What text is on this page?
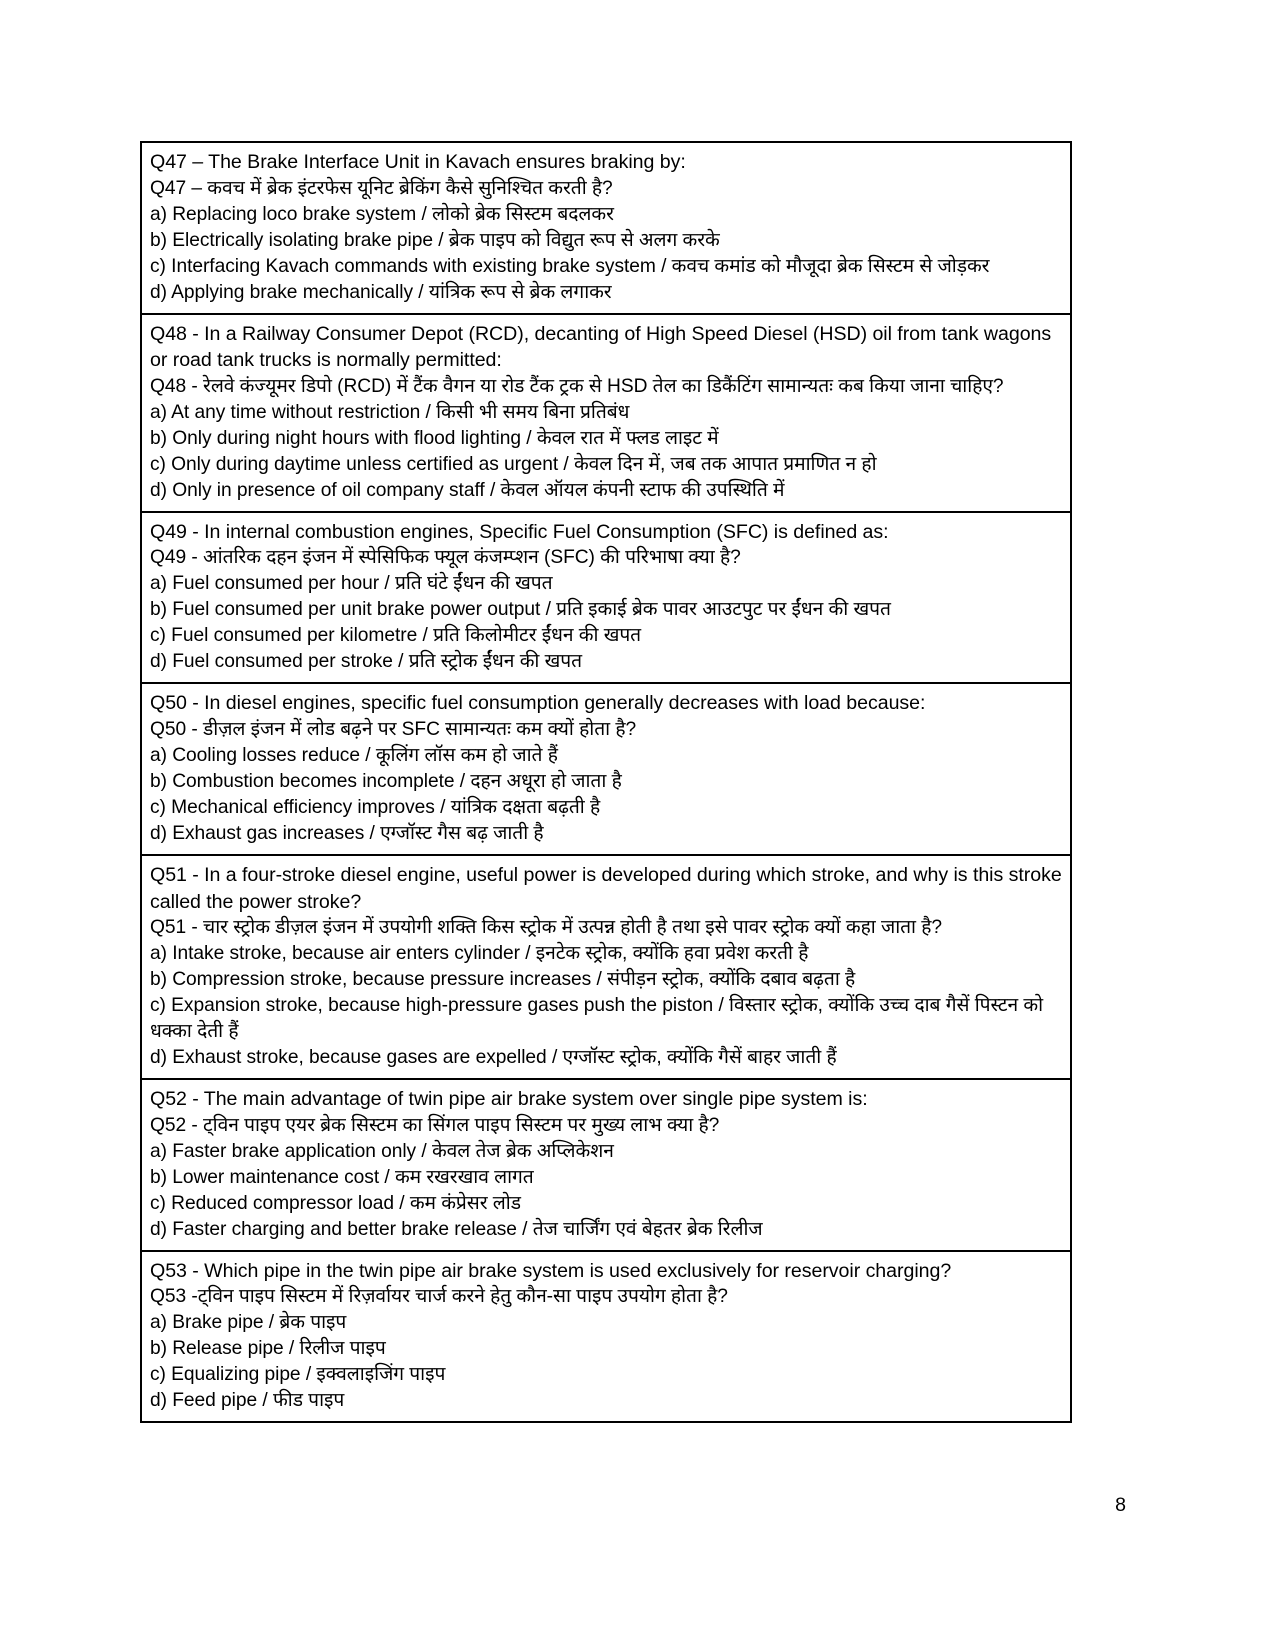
Q47 – The Brake Interface Unit in Kavach ensures braking by:
Q47 – कवच में ब्रेक इंटरफेस यूनिट ब्रेकिंग कैसे सुनिश्चित करती है?
a) Replacing loco brake system / लोको ब्रेक सिस्टम बदलकर
b) Electrically isolating brake pipe / ब्रेक पाइप को विद्युत रूप से अलग करके
c) Interfacing Kavach commands with existing brake system / कवच कमांड को मौजूदा ब्रेक सिस्टम से जोड़कर
d) Applying brake mechanically / यांत्रिक रूप से ब्रेक लगाकर
Q48 - In a Railway Consumer Depot (RCD), decanting of High Speed Diesel (HSD) oil from tank wagons or road tank trucks is normally permitted:
Q48 - रेलवे कंज्यूमर डिपो (RCD) में टैंक वैगन या रोड टैंक ट्रक से HSD तेल का डिकैंटिंग सामान्यतः कब किया जाना चाहिए?
a) At any time without restriction / किसी भी समय बिना प्रतिबंध
b) Only during night hours with flood lighting / केवल रात में फ्लड लाइट में
c) Only during daytime unless certified as urgent / केवल दिन में, जब तक आपात प्रमाणित न हो
d) Only in presence of oil company staff / केवल ऑयल कंपनी स्टाफ की उपस्थिति में
Q49 - In internal combustion engines, Specific Fuel Consumption (SFC) is defined as:
Q49 - आंतरिक दहन इंजन में स्पेसिफिक फ्यूल कंजम्प्शन (SFC) की परिभाषा क्या है?
a) Fuel consumed per hour / प्रति घंटे ईंधन की खपत
b) Fuel consumed per unit brake power output / प्रति इकाई ब्रेक पावर आउटपुट पर ईंधन की खपत
c) Fuel consumed per kilometre / प्रति किलोमीटर ईंधन की खपत
d) Fuel consumed per stroke / प्रति स्ट्रोक ईंधन की खपत
Q50 - In diesel engines, specific fuel consumption generally decreases with load because:
Q50 - डीज़ल इंजन में लोड बढ़ने पर SFC सामान्यतः कम क्यों होता है?
a) Cooling losses reduce / कूलिंग लॉस कम हो जाते हैं
b) Combustion becomes incomplete / दहन अधूरा हो जाता है
c) Mechanical efficiency improves / यांत्रिक दक्षता बढ़ती है
d) Exhaust gas increases / एग्जॉस्ट गैस बढ़ जाती है
Q51 - In a four-stroke diesel engine, useful power is developed during which stroke, and why is this stroke called the power stroke?
Q51 - चार स्ट्रोक डीज़ल इंजन में उपयोगी शक्ति किस स्ट्रोक में उत्पन्न होती है तथा इसे पावर स्ट्रोक क्यों कहा जाता है?
a) Intake stroke, because air enters cylinder / इनटेक स्ट्रोक, क्योंकि हवा प्रवेश करती है
b) Compression stroke, because pressure increases / संपीड़न स्ट्रोक, क्योंकि दबाव बढ़ता है
c) Expansion stroke, because high-pressure gases push the piston / विस्तार स्ट्रोक, क्योंकि उच्च दाब गैसें पिस्टन को धक्का देती हैं
d) Exhaust stroke, because gases are expelled / एग्जॉस्ट स्ट्रोक, क्योंकि गैसें बाहर जाती हैं
Q52 - The main advantage of twin pipe air brake system over single pipe system is:
Q52 - ट्विन पाइप एयर ब्रेक सिस्टम का सिंगल पाइप सिस्टम पर मुख्य लाभ क्या है?
a) Faster brake application only / केवल तेज ब्रेक अप्लिकेशन
b) Lower maintenance cost / कम रखरखाव लागत
c) Reduced compressor load / कम कंप्रेसर लोड
d) Faster charging and better brake release / तेज चार्जिंग एवं बेहतर ब्रेक रिलीज
Q53 - Which pipe in the twin pipe air brake system is used exclusively for reservoir charging?
Q53 -ट्विन पाइप सिस्टम में रिज़र्वायर चार्ज करने हेतु कौन-सा पाइप उपयोग होता है?
a) Brake pipe / ब्रेक पाइप
b) Release pipe / रिलीज पाइप
c) Equalizing pipe / इक्वलाइजिंग पाइप
d) Feed pipe / फीड पाइप
8
